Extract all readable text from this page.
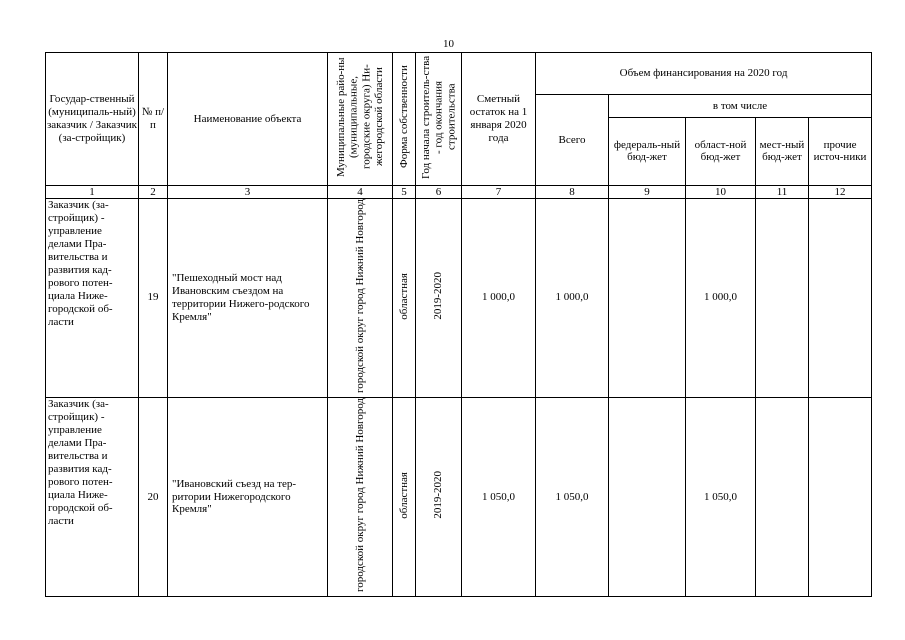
10
Государ-ственный (муниципаль-ный) заказчик / Заказчик (за-стройщик)	№ п/п	Наименование объекта	Муниципальные райо-ны (муниципальные, городские округа) Ни-жегородской области	Форма собственности	Год начала строитель-ства - год окончания строительства	Сметный остаток на 1 января 2020 года	Объем финансирования на 2020 год				
							Всего	в том числе			
								федераль-ный бюд-жет	област-ной бюд-жет	мест-ный бюд-жет	прочие источ-ники
1	2	3	4	5	6	7	8	9	10	11	12
Заказчик (за-стройщик) - управление делами Пра-вительства и развития кад-рового потен-циала Ниже-городской об-ласти	19	"Пешеходный мост над Ивановским съездом на территории Нижего-родского Кремля"	городской округ город Нижний Новгород	областная	2019-2020	1 000,0	1 000,0		1 000,0		
Заказчик (за-стройщик) - управление делами Пра-вительства и развития кад-рового потен-циала Ниже-городской об-ласти	20	"Ивановский съезд на тер-ритории Нижегородского Кремля"	городской округ город Нижний Новгород	областная	2019-2020	1 050,0	1 050,0		1 050,0		
